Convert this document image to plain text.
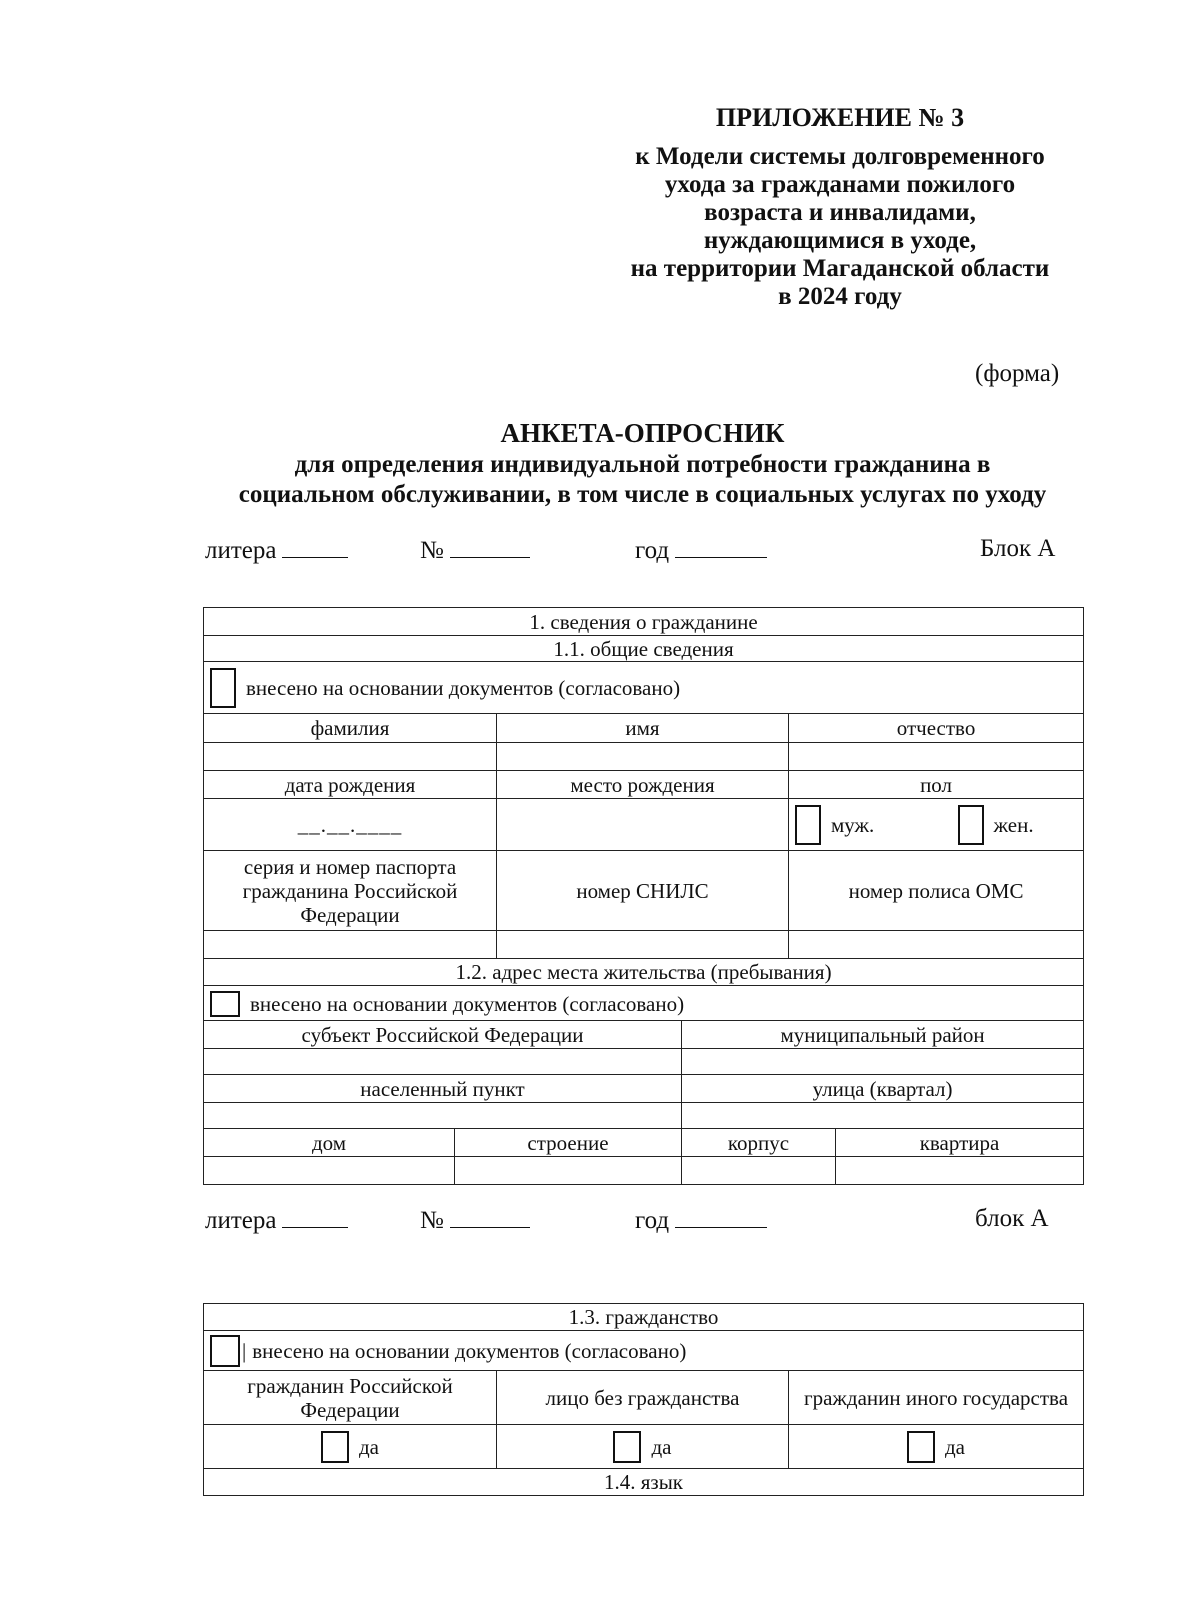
ПРИЛОЖЕНИЕ № 3
к Модели системы долговременного
ухода за гражданами пожилого
возраста и инвалидами,
нуждающимися в уходе,
на территории Магаданской области
в 2024 году
(форма)
АНКЕТА-ОПРОСНИК
для определения индивидуальной потребности гражданина в
социальном обслуживании, в том числе в социальных услугах по уходу
литера	№	год	Блок А
1. сведения о гражданине					
1.1. общие сведения					
внесено на основании документов (согласовано)					
фамилия		имя		отчество	

дата рождения		место рождения		пол	
__.__.____				муж. жен.	
серия и номер паспорта гражданина Российской Федерации		номер СНИЛС		номер полиса ОМС	

1.2. адрес места жительства (пребывания)					
внесено на основании документов (согласовано)					
субъект Российской Федерации			муниципальный район		

населенный пункт			улица (квартал)		

дом	строение		корпус		квартира

литера	№	год	блок А
1.3. гражданство		
| внесено на основании документов (согласовано)		
гражданин Российской Федерации	лицо без гражданства	гражданин иного государства
да	да	да
1.4. язык		
